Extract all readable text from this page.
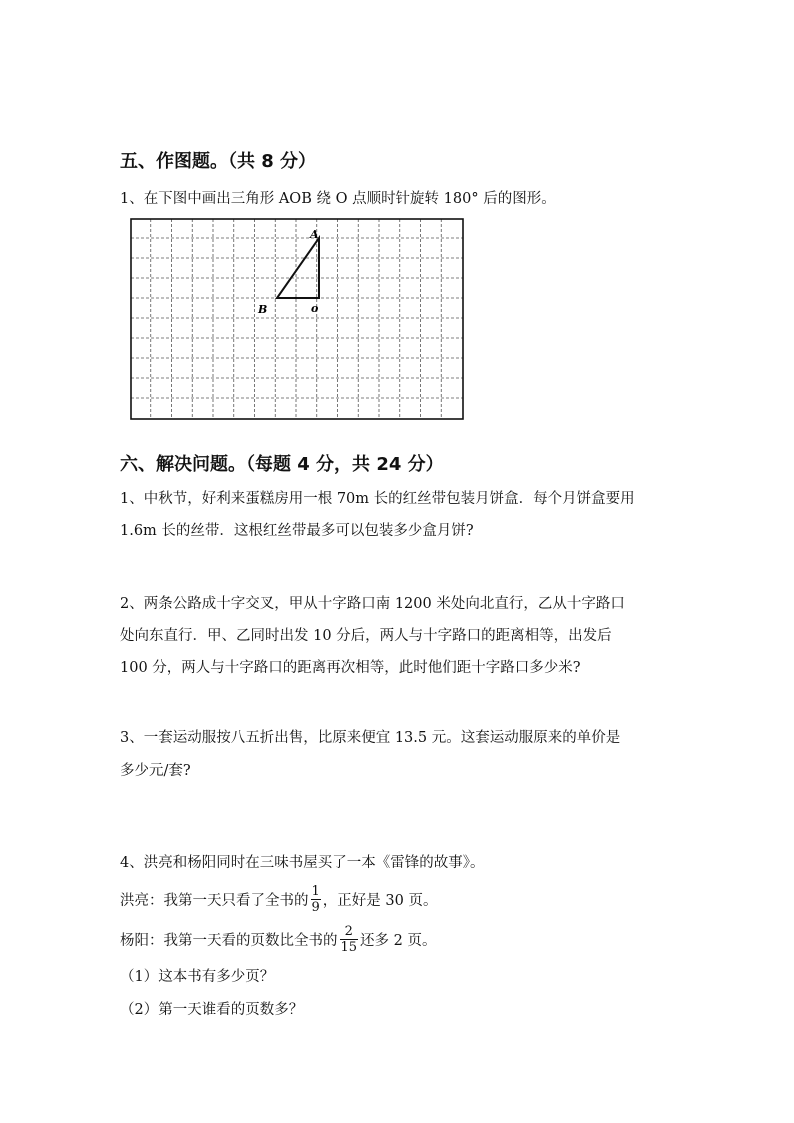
五、作图题。（共 8 分）
1、在下图中画出三角形 AOB 绕 O 点顺时针旋转 180° 后的图形。
A
B	o
六、解决问题。（每题 4 分，共 24 分）
1、中秋节，好利来蛋糕房用一根 70m 长的红丝带包装月饼盒．每个月饼盒要用
1.6m 长的丝带．这根红丝带最多可以包装多少盒月饼?
2、两条公路成十字交叉，甲从十字路口南 1200 米处向北直行，乙从十字路口
处向东直行．甲、乙同时出发 10 分后，两人与十字路口的距离相等，出发后
100 分，两人与十字路口的距离再次相等，此时他们距十字路口多少米?
3、一套运动服按八五折出售，比原来便宜 13.5 元。这套运动服原来的单价是
多少元/套?
4、洪亮和杨阳同时在三味书屋买了一本《雷锋的故事》。
洪亮：我第一天只看了全书的 $\frac{1}{9}$ ，正好是 30 页。
杨阳：我第一天看的页数比全书的 $\frac{2}{15}$ 还多 2 页。
（1）这本书有多少页？
（2）第一天谁看的页数多？
